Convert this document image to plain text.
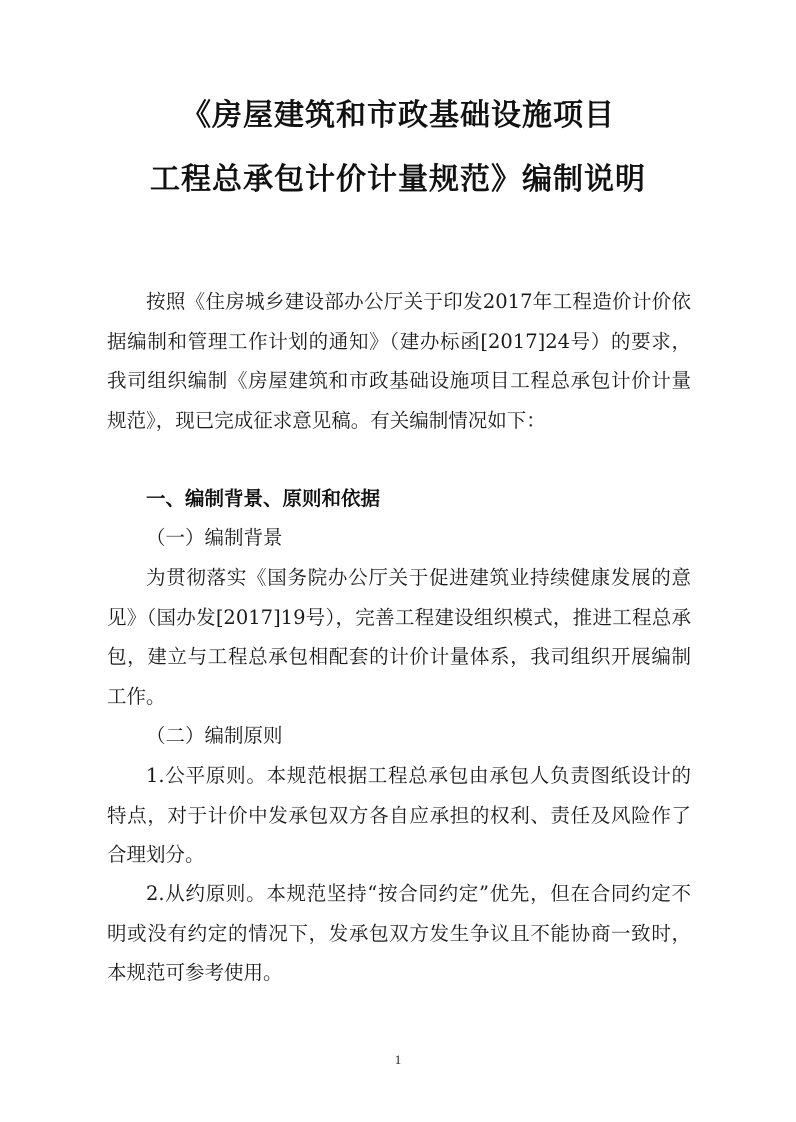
《房屋建筑和市政基础设施项目
工程总承包计价计量规范》编制说明

按照《住房城乡建设部办公厅关于印发2017年工程造价计价依据编制和管理工作计划的通知》（建办标函[2017]24号）的要求，我司组织编制《房屋建筑和市政基础设施项目工程总承包计价计量规范》，现已完成征求意见稿。有关编制情况如下：

一、编制背景、原则和依据
（一）编制背景

为贯彻落实《国务院办公厅关于促进建筑业持续健康发展的意见》（国办发[2017]19号），完善工程建设组织模式，推进工程总承包，建立与工程总承包相配套的计价计量体系，我司组织开展编制工作。

（二）编制原则

1.公平原则。本规范根据工程总承包由承包人负责图纸设计的特点，对于计价中发承包双方各自应承担的权利、责任及风险作了合理划分。

2.从约原则。本规范坚持“按合同约定”优先，但在合同约定不明或没有约定的情况下，发承包双方发生争议且不能协商一致时，本规范可参考使用。

1
